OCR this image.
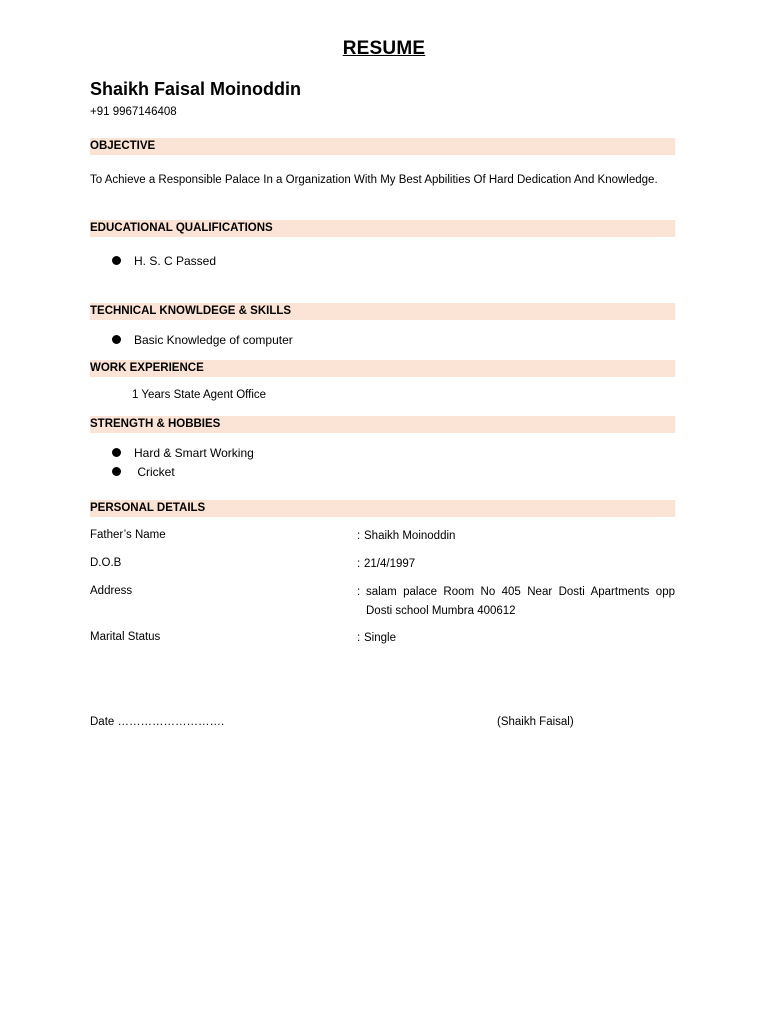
RESUME
Shaikh Faisal Moinoddin
+91 9967146408
OBJECTIVE
To Achieve a Responsible Palace In a Organization With My Best Apbilities Of Hard Dedication And Knowledge.
EDUCATIONAL QUALIFICATIONS
H. S. C Passed
TECHNICAL KNOWLDEGE & SKILLS
Basic Knowledge of computer
WORK EXPERIENCE
1 Years State Agent Office
STRENGTH & HOBBIES
Hard & Smart Working
Cricket
PERSONAL DETAILS
Father’s Name	: Shaikh Moinoddin
D.O.B	: 21/4/1997
Address	: salam palace Room No 405 Near Dosti Apartments opp Dosti school Mumbra 400612
Marital Status	: Single
Date ……………………….	(Shaikh Faisal)
